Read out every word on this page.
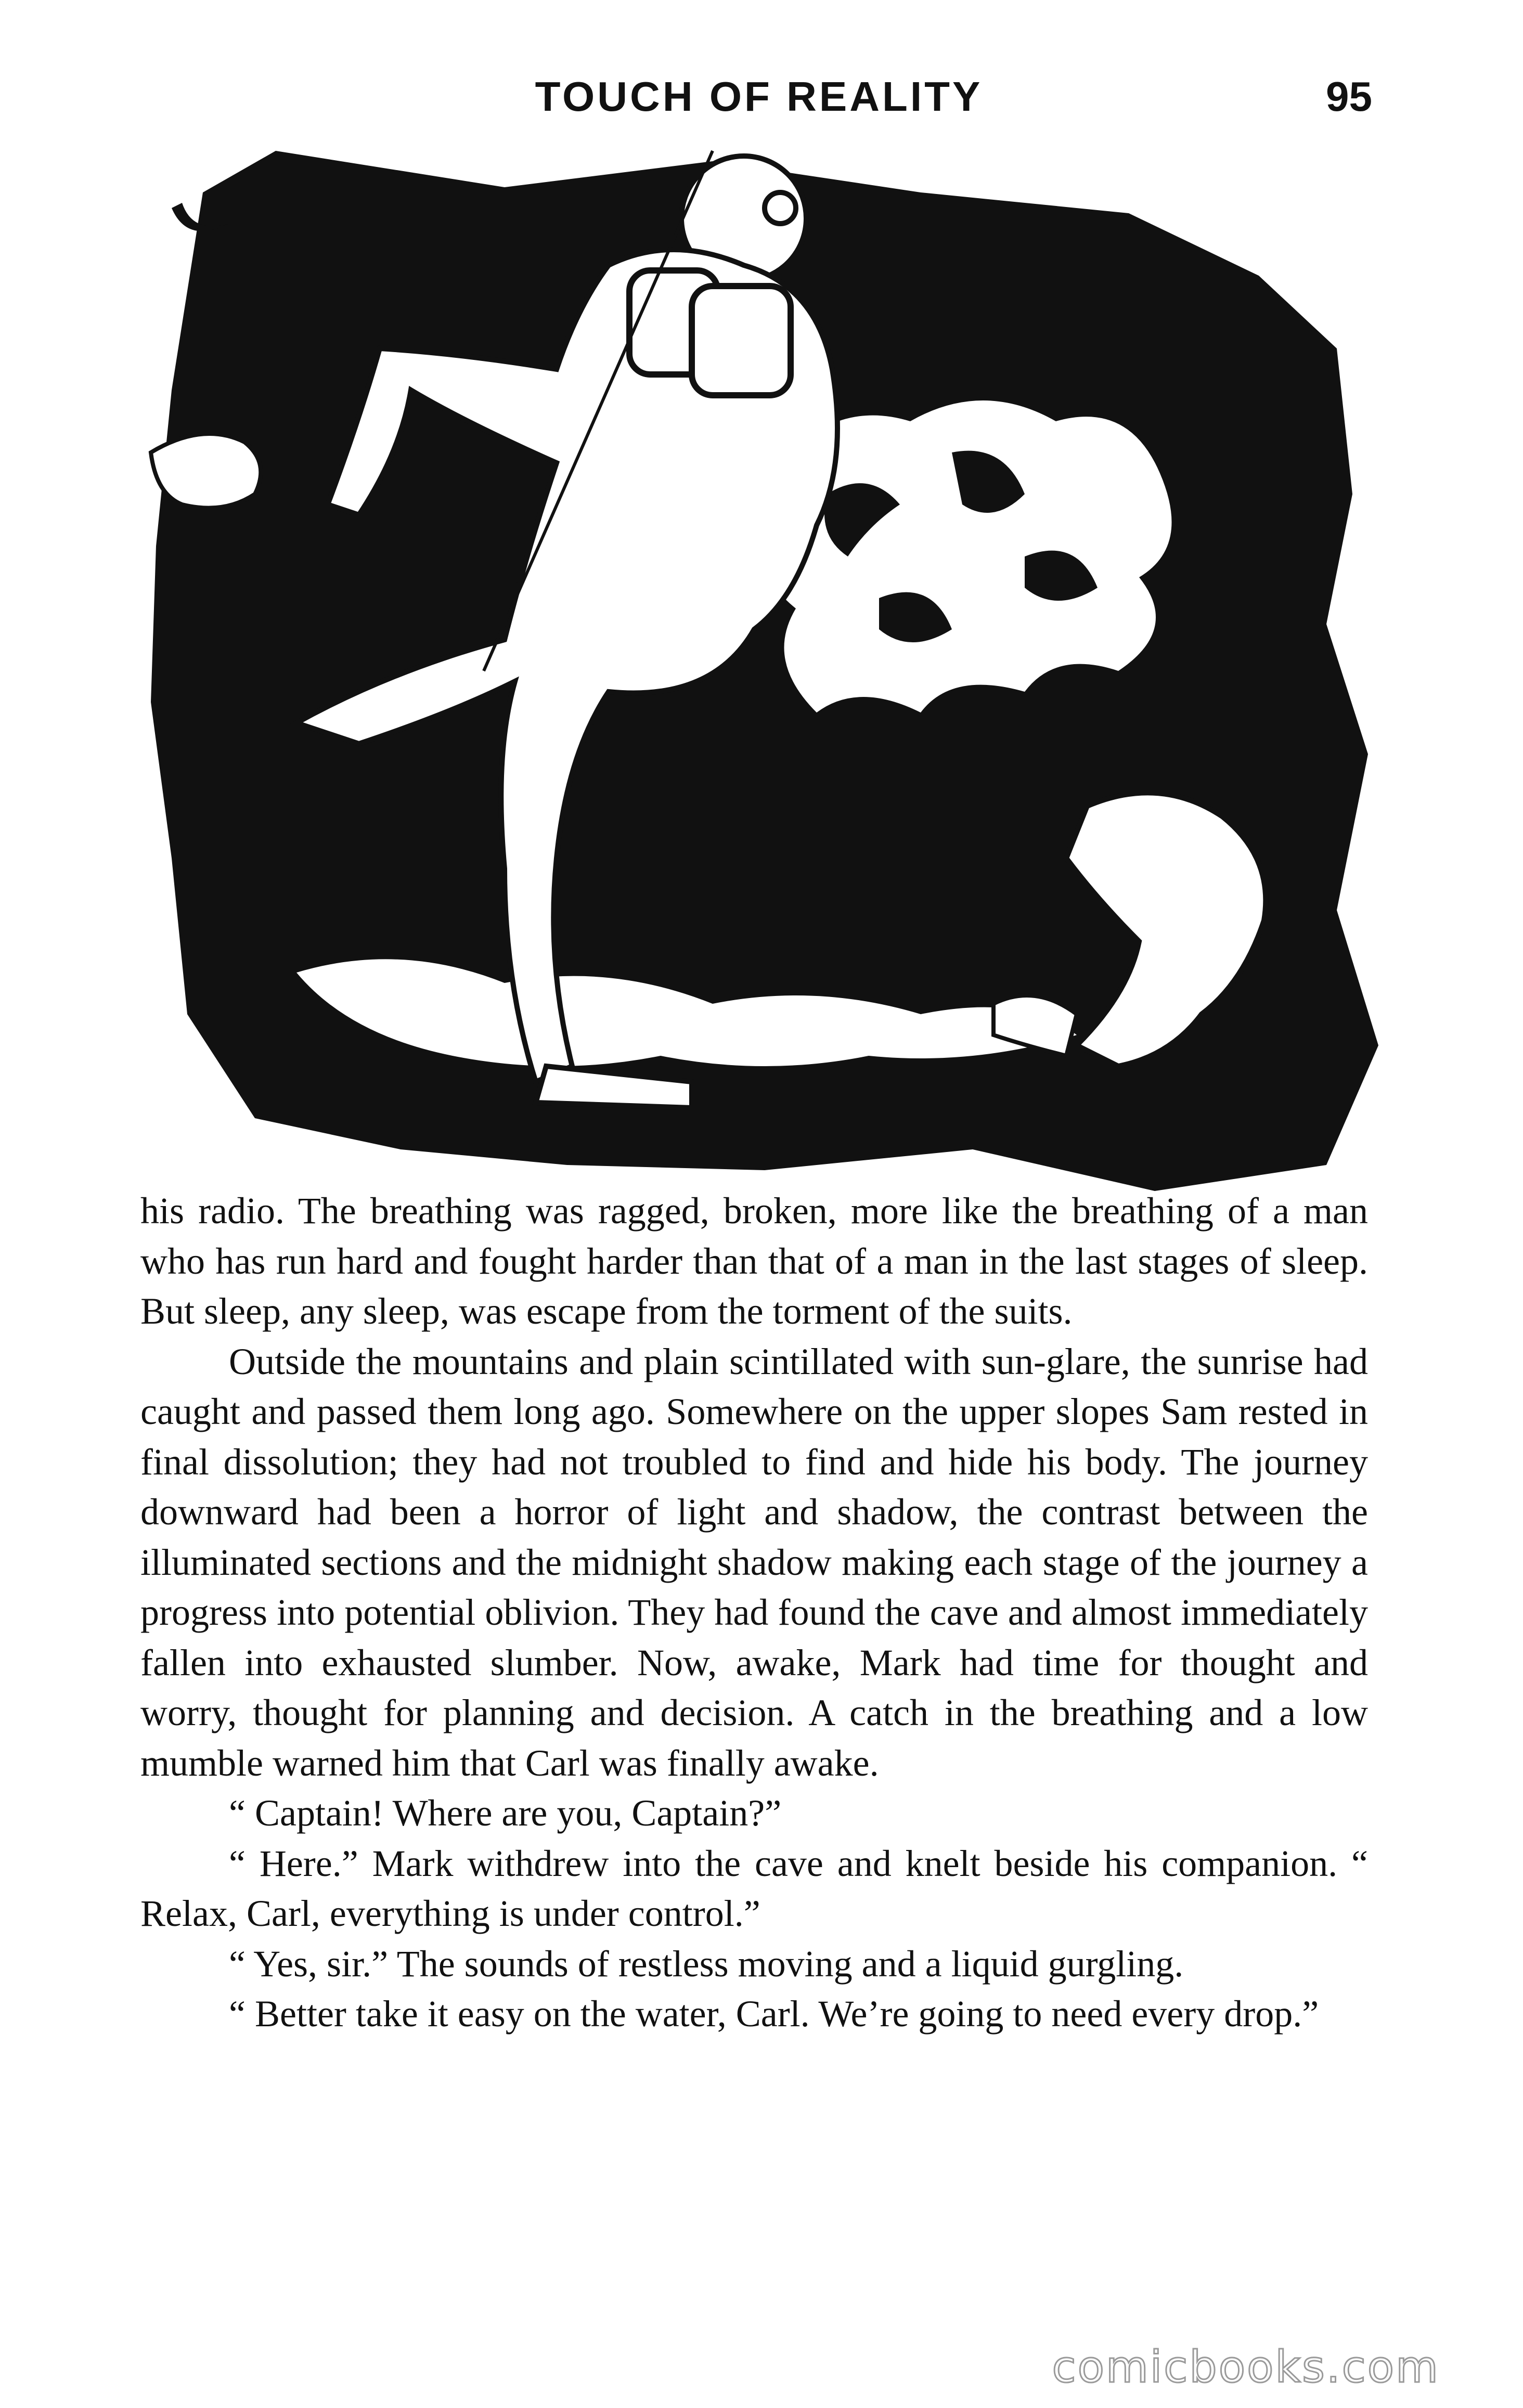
TOUCH OF REALITY	95

his radio. The breathing was ragged, broken, more like the breathing of a man who has run hard and fought harder than that of a man in the last stages of sleep. But sleep, any sleep, was escape from the torment of the suits.

Outside the mountains and plain scintillated with sun-glare, the sunrise had caught and passed them long ago. Somewhere on the upper slopes Sam rested in final dissolution; they had not troubled to find and hide his body. The journey downward had been a horror of light and shadow, the contrast between the illuminated sections and the midnight shadow making each stage of the journey a progress into potential oblivion. They had found the cave and almost immediately fallen into exhausted slumber. Now, awake, Mark had time for thought and worry, thought for planning and decision. A catch in the breathing and a low mumble warned him that Carl was finally awake.

“ Captain! Where are you, Captain?”

“ Here.” Mark withdrew into the cave and knelt beside his companion. “ Relax, Carl, everything is under control.”

“ Yes, sir.” The sounds of restless moving and a liquid gurgling.

“ Better take it easy on the water, Carl. We’re going to need every drop.”

comicbooks.com
